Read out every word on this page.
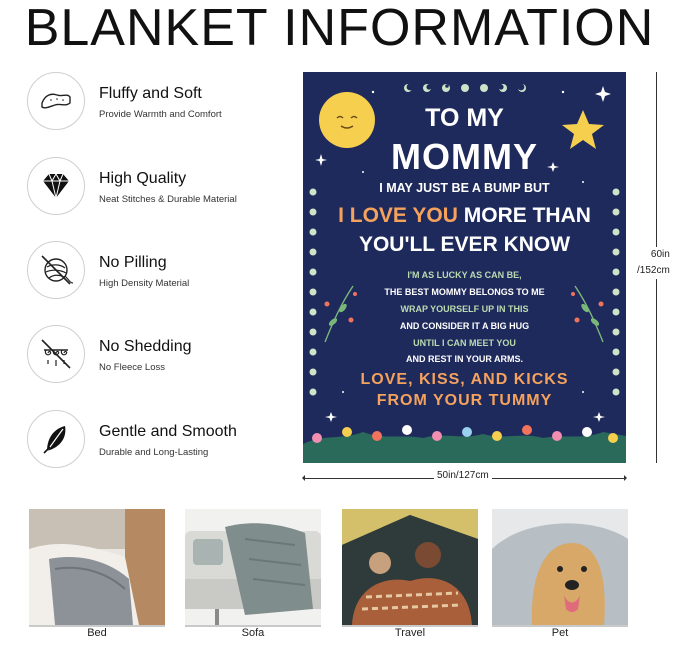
BLANKET INFORMATION
Fluffy and Soft
Provide Warmth and Comfort
High Quality
Neat Stitches & Durable Material
No Pilling
High Density Material
No Shedding
No Fleece Loss
Gentle and Smooth
Durable and Long-Lasting
TO MY
MOMMY
I MAY JUST BE A BUMP BUT
I LOVE YOU MORE THAN
YOU'LL EVER KNOW
I'M AS LUCKY AS CAN BE,
THE BEST MOMMY BELONGS TO ME
WRAP YOURSELF UP IN THIS
AND CONSIDER IT A BIG HUG
UNTIL I CAN MEET YOU
AND REST IN YOUR ARMS.
LOVE, KISS, AND KICKS
FROM YOUR TUMMY
50in/127cm
60in
/152cm
Bed	Sofa	Travel	Pet
